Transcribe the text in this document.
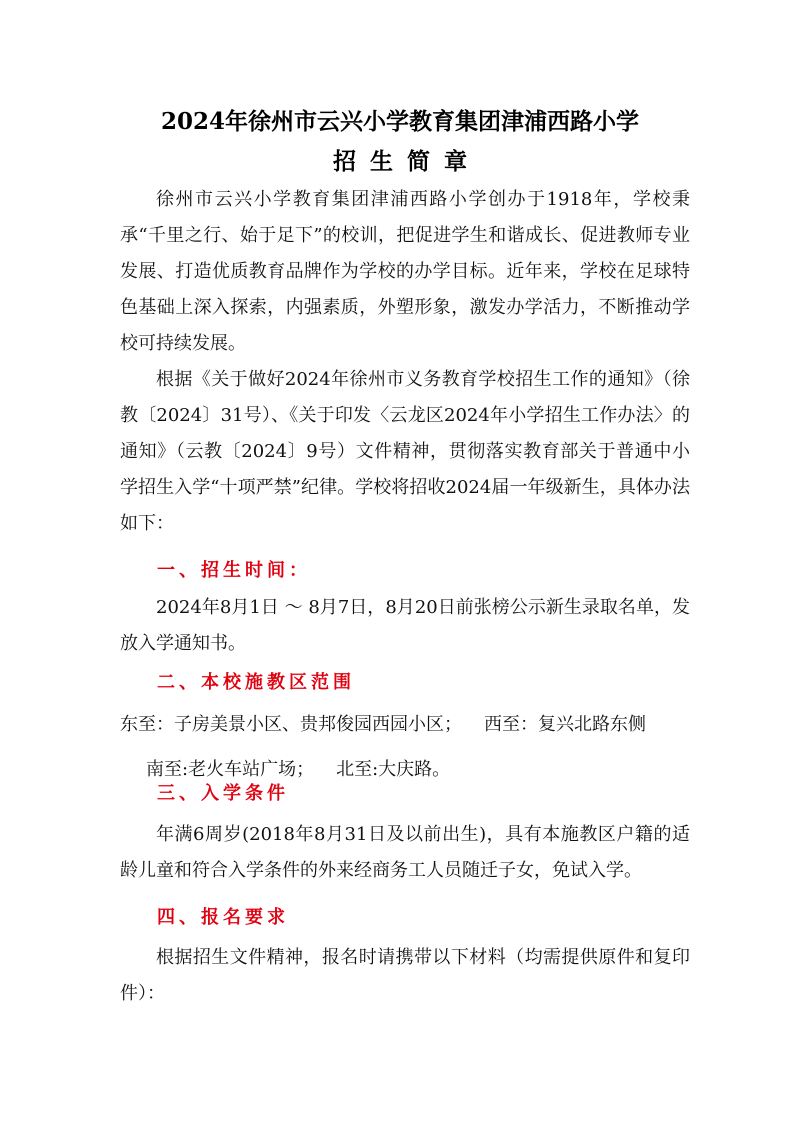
2024年徐州市云兴小学教育集团津浦西路小学
招生简章

徐州市云兴小学教育集团津浦西路小学创办于1918年，学校秉承“千里之行、始于足下”的校训，把促进学生和谐成长、促进教师专业发展、打造优质教育品牌作为学校的办学目标。近年来，学校在足球特色基础上深入探索，内强素质，外塑形象，激发办学活力，不断推动学校可持续发展。

根据《关于做好2024年徐州市义务教育学校招生工作的通知》（徐教〔2024〕31号）、《关于印发〈云龙区2024年小学招生工作办法〉的通知》（云教〔2024〕9号）文件精神，贯彻落实教育部关于普通中小学招生入学“十项严禁”纪律。学校将招收2024届一年级新生，具体办法如下：

一、招生时间：

2024年8月1日 ～ 8月7日，8月20日前张榜公示新生录取名单，发放入学通知书。

二、本校施教区范围
东至：子房美景小区、贵邦俊园西园小区； 西至：复兴北路东侧
南至:老火车站广场； 北至:大庆路。
三、入学条件

年满6周岁(2018年8月31日及以前出生)，具有本施教区户籍的适龄儿童和符合入学条件的外来经商务工人员随迁子女，免试入学。

四、报名要求

根据招生文件精神，报名时请携带以下材料（均需提供原件和复印件）：
